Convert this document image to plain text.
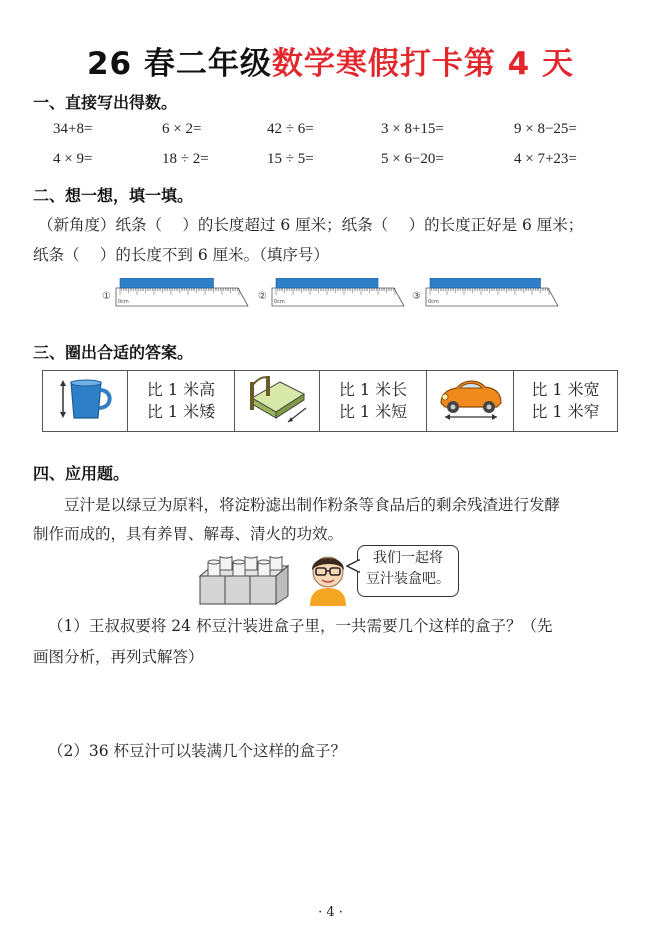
26 春二年级数学寒假打卡第 4 天
一、直接写出得数。
34+8=	6 × 2=	42 ÷ 6=	3 × 8+15=	9 × 8−25=
4 × 9=	18 ÷ 2=	15 ÷ 5=	5 × 6−20=	4 × 7+23=
二、想一想，填一填。
（新角度）纸条（　 ）的长度超过 6 厘米；纸条（　 ）的长度正好是 6 厘米；
纸条（　 ）的长度不到 6 厘米。（填序号）
① 0cm	② 0cm	③ 0cm
三、圈出合适的答案。

比 1 米高
比 1 米矮

比 1 米长
比 1 米短

比 1 米宽
比 1 米窄
四、应用题。
豆汁是以绿豆为原料，将淀粉滤出制作粉条等食品后的剩余残渣进行发酵
制作而成的，具有养胃、解毒、清火的功效。
我们一起将
豆汁装盒吧。
（1）王叔叔要将 24 杯豆汁装进盒子里，一共需要几个这样的盒子？（先
画图分析，再列式解答）
（2）36 杯豆汁可以装满几个这样的盒子？
· 4 ·
